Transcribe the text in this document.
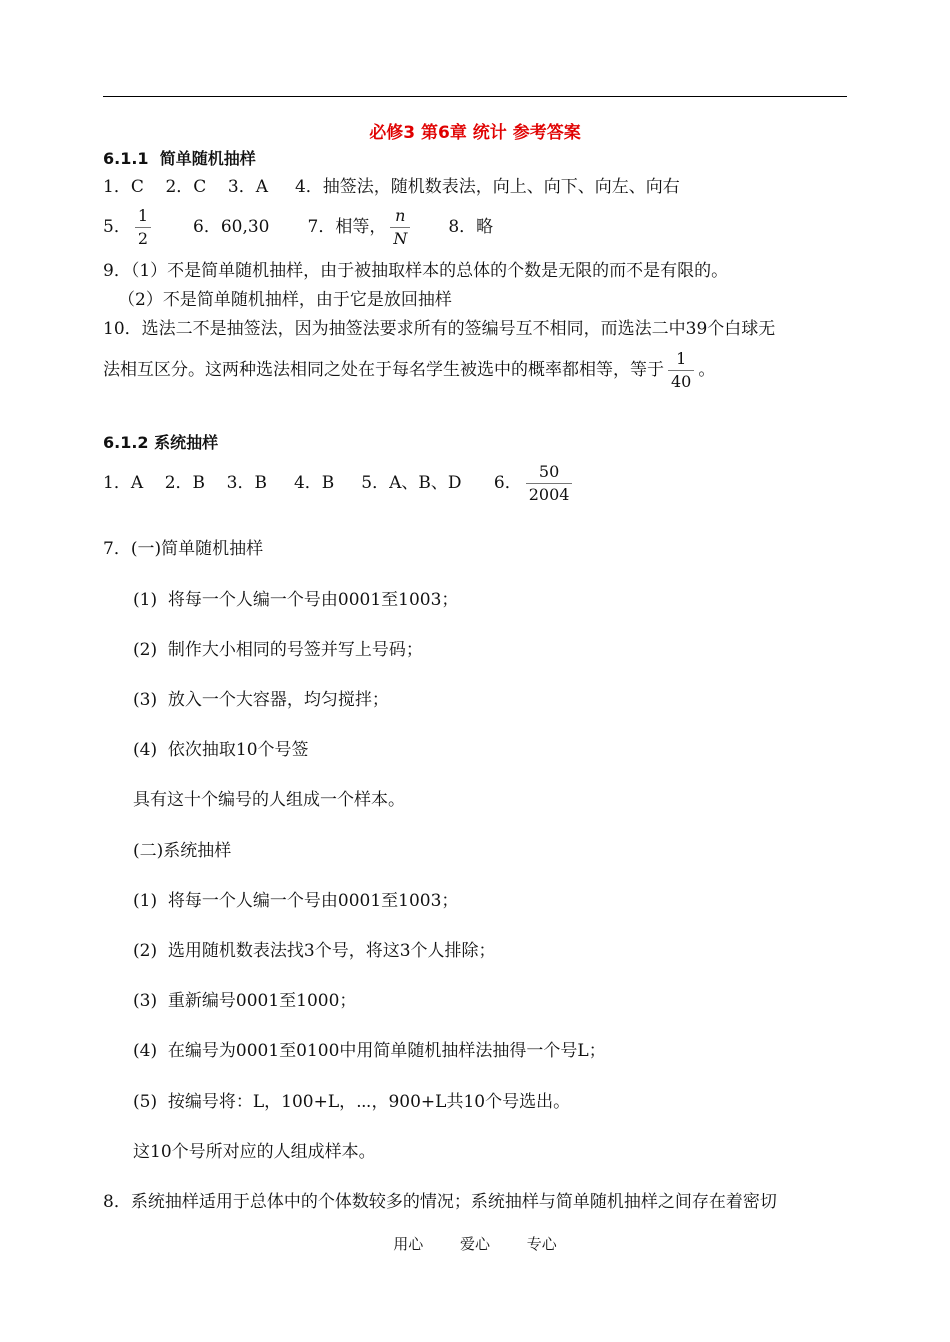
必修3 第6章 统计 参考答案
6.1.1  简单随机抽样
1．C    2．C    3．A     4．抽签法，随机数表法，向上、向下、向左、向右
5． $\frac{1}{2} 6$．60,30 7．相等， $\frac{n}{N} 8$．略
9．（1）不是简单随机抽样，由于被抽取样本的总体的个数是无限的而不是有限的。
（2）不是简单随机抽样，由于它是放回抽样
10．选法二不是抽签法，因为抽签法要求所有的签编号互不相同，而选法二中39个白球无
法相互区分。这两种选法相同之处在于每名学生被选中的概率都相等，等于 $\frac{1}{40}$ 。
6.1.2 系统抽样
1．A    2．B    3．B     4．B     5．A、B、D      6． $\frac{50}{2004}$
7．(一)简单随机抽样
(1)  将每一个人编一个号由0001至1003；
(2)  制作大小相同的号签并写上号码；
(3)  放入一个大容器，均匀搅拌；
(4)  依次抽取10个号签
具有这十个编号的人组成一个样本。
(二)系统抽样
(1)  将每一个人编一个号由0001至1003；
(2)  选用随机数表法找3个号，将这3个人排除；
(3)  重新编号0001至1000；
(4)  在编号为0001至0100中用简单随机抽样法抽得一个号L；
(5)  按编号将：L，100+L，⋯，900+L共10个号选出。
这10个号所对应的人组成样本。
8．系统抽样适用于总体中的个体数较多的情况；系统抽样与简单随机抽样之间存在着密切
用心 爱心 专心
